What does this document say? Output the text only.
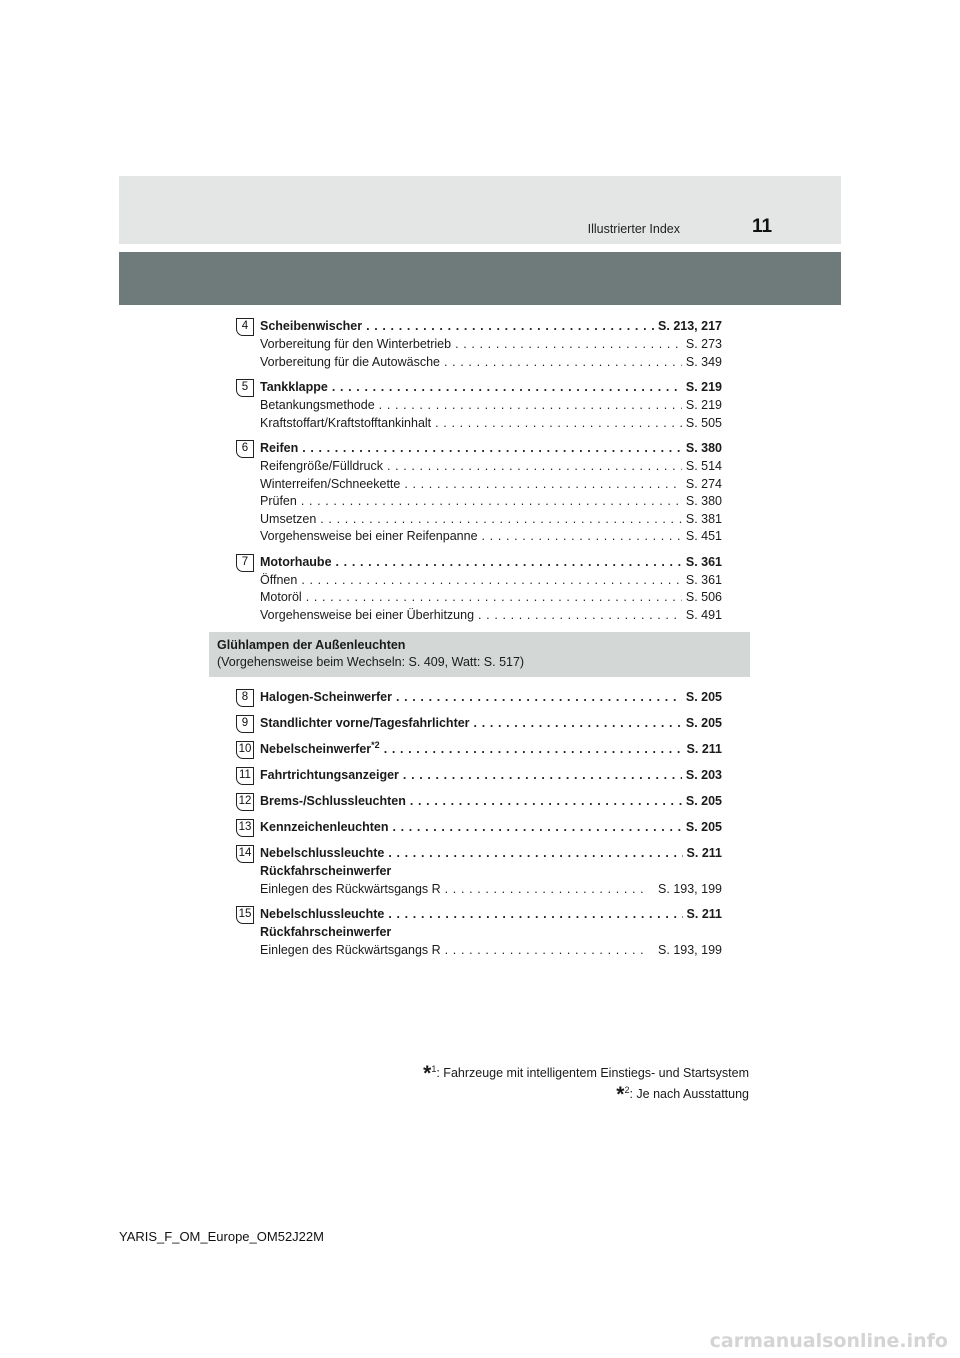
Illustrierter Index	11
4 Scheibenwischer . . .	S. 213, 217
Vorbereitung für den Winterbetrieb . . .	S. 273
Vorbereitung für die Autowäsche . . .	S. 349
5 Tankklappe . . .	S. 219
Betankungsmethode . . .	S. 219
Kraftstoffart/Kraftstofftankinhalt . . .	S. 505
6 Reifen . . .	S. 380
Reifengröße/Fülldruck . . .	S. 514
Winterreifen/Schneekette . . .	S. 274
Prüfen . . .	S. 380
Umsetzen . . .	S. 381
Vorgehensweise bei einer Reifenpanne . . .	S. 451
7 Motorhaube . . .	S. 361
Öffnen . . .	S. 361
Motoröl . . .	S. 506
Vorgehensweise bei einer Überhitzung . . .	S. 491
Glühlampen der Außenleuchten
(Vorgehensweise beim Wechseln: S. 409, Watt: S. 517)
8 Halogen-Scheinwerfer . . .	S. 205
9 Standlichter vorne/Tagesfahrlichter . . .	S. 205
10 Nebelscheinwerfer$^{*2}$ . . .	S. 211
11 Fahrtrichtungsanzeiger . . .	S. 203
12 Brems-/Schlussleuchten . . .	S. 205
13 Kennzeichenleuchten . . .	S. 205
14 Nebelschlussleuchte . . .	S. 211
Rückfahrscheinwerfer
Einlegen des Rückwärtsgangs R . . .	S. 193, 199
15 Nebelschlussleuchte . . .	S. 211
Rückfahrscheinwerfer
Einlegen des Rückwärtsgangs R . . .	S. 193, 199
*$^1$: Fahrzeuge mit intelligentem Einstiegs- und Startsystem
*$^2$: Je nach Ausstattung
YARIS_F_OM_Europe_OM52J22M
carmanualsonline.info
